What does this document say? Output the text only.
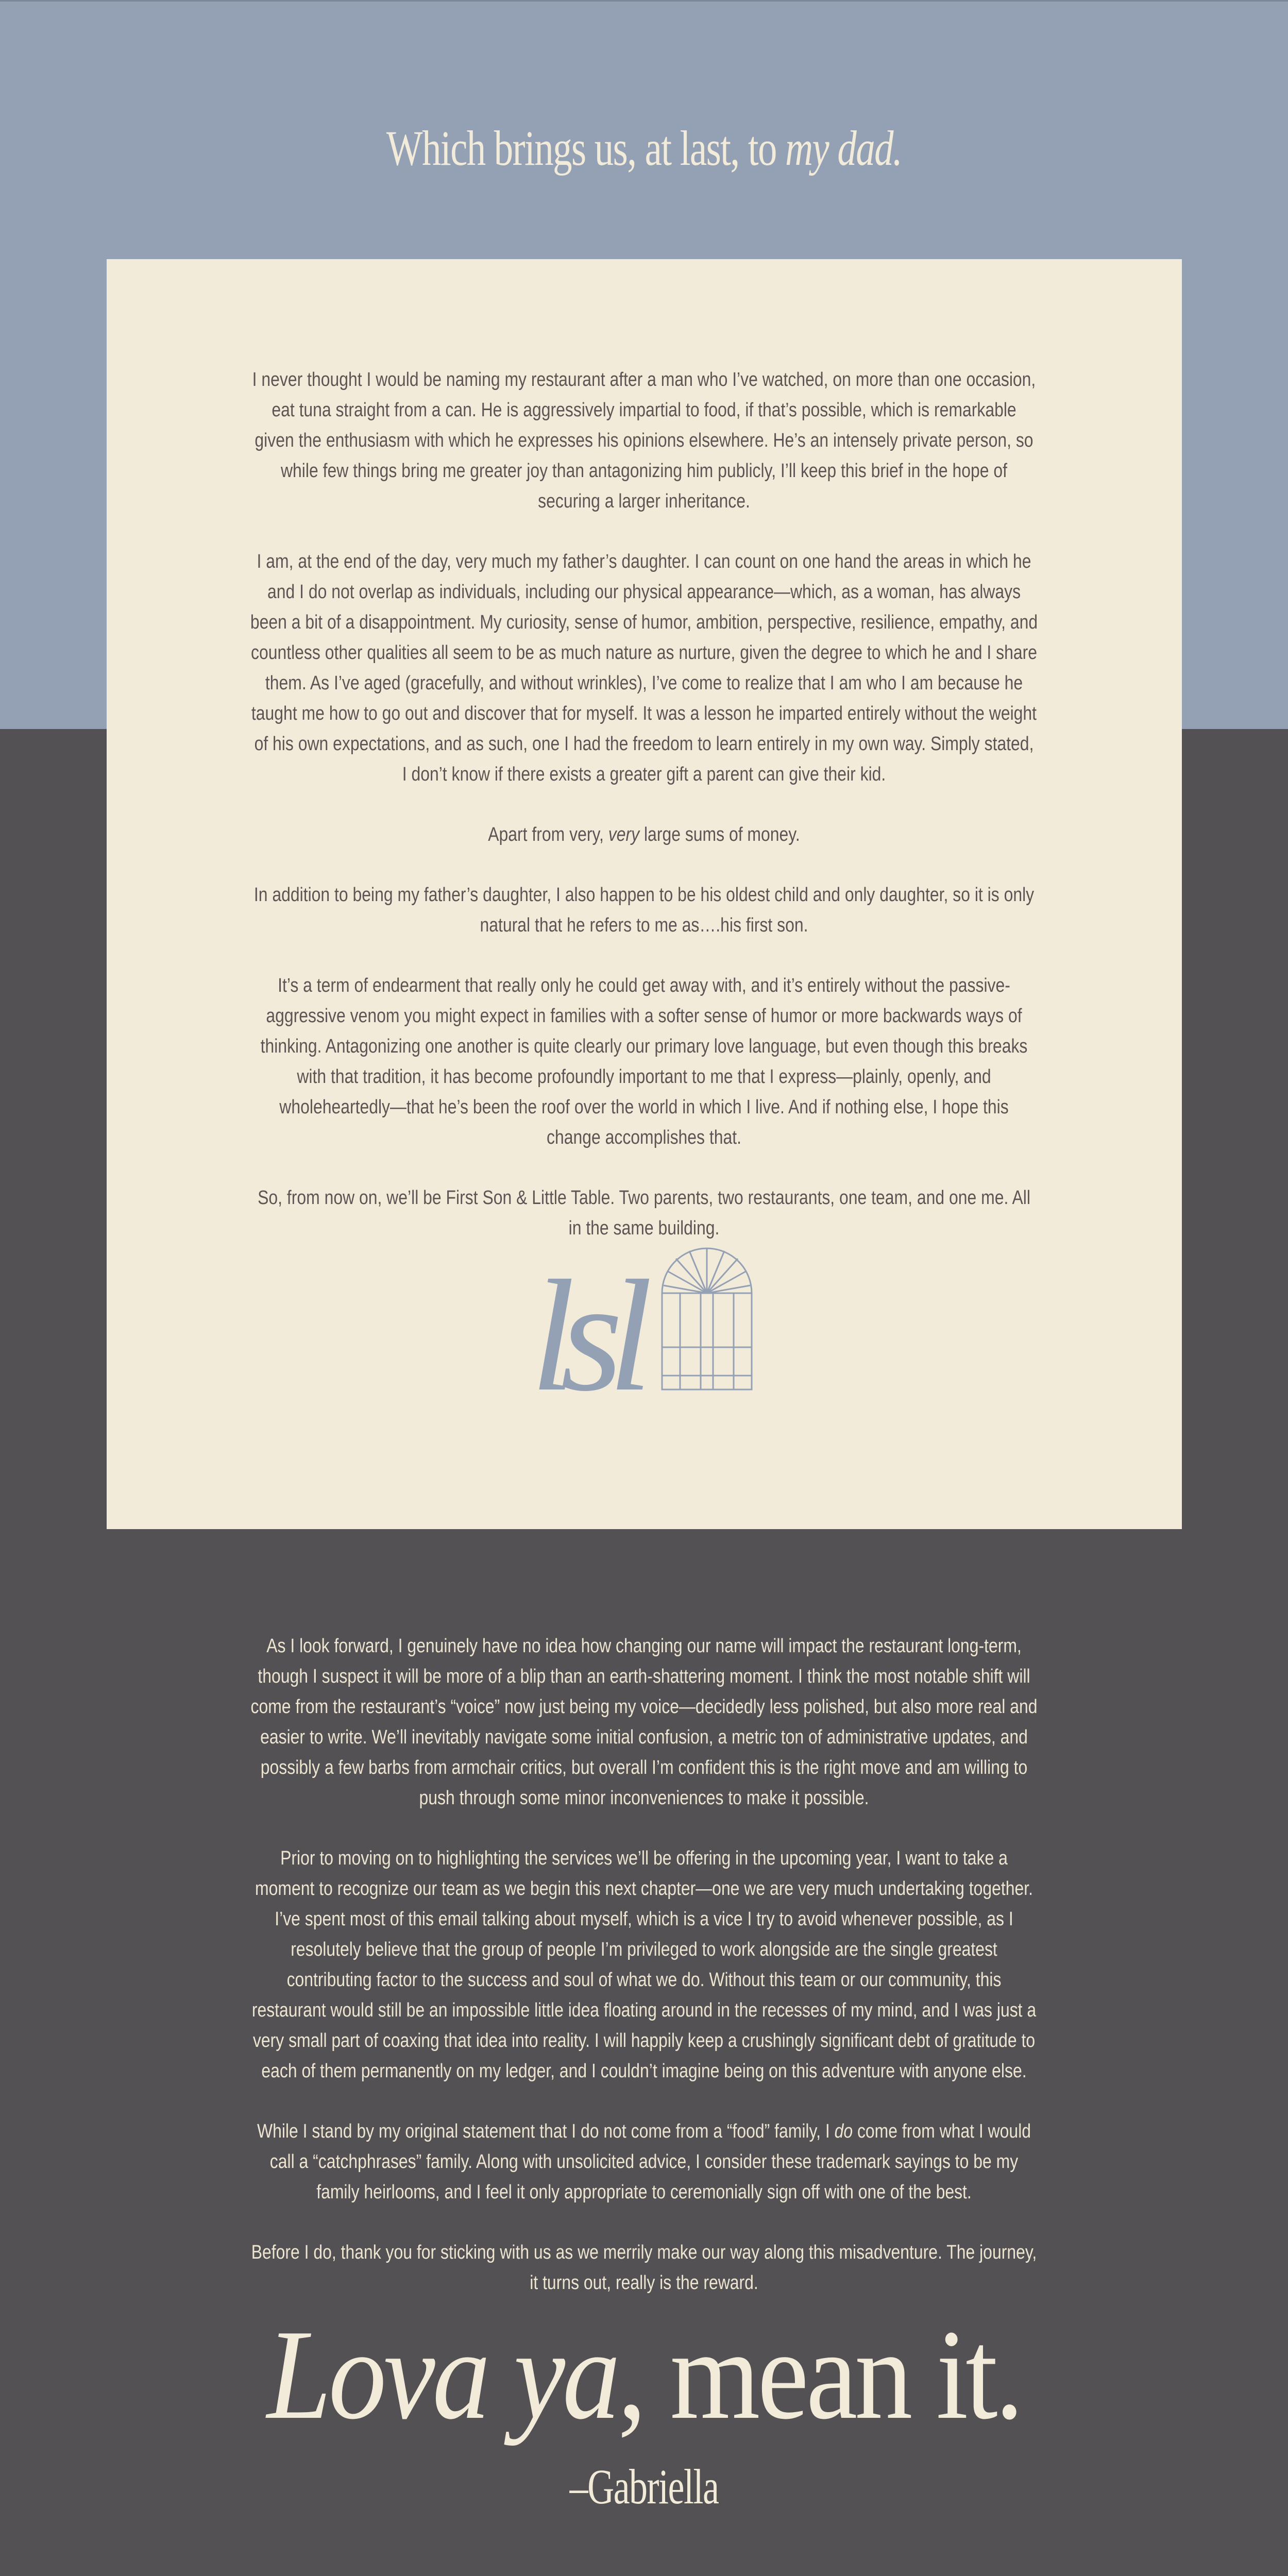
Which brings us, at last, to my dad.

I never thought I would be naming my restaurant after a man who I’ve watched, on more than one occasion, eat tuna straight from a can. He is aggressively impartial to food, if that’s possible, which is remarkable given the enthusiasm with which he expresses his opinions elsewhere. He’s an intensely private person, so while few things bring me greater joy than antagonizing him publicly, I’ll keep this brief in the hope of securing a larger inheritance.

I am, at the end of the day, very much my father’s daughter. I can count on one hand the areas in which he and I do not overlap as individuals, including our physical appearance—which, as a woman, has always been a bit of a disappointment. My curiosity, sense of humor, ambition, perspective, resilience, empathy, and countless other qualities all seem to be as much nature as nurture, given the degree to which he and I share them. As I’ve aged (gracefully, and without wrinkles), I’ve come to realize that I am who I am because he taught me how to go out and discover that for myself. It was a lesson he imparted entirely without the weight of his own expectations, and as such, one I had the freedom to learn entirely in my own way. Simply stated, I don’t know if there exists a greater gift a parent can give their kid.

Apart from very, very large sums of money.

In addition to being my father’s daughter, I also happen to be his oldest child and only daughter, so it is only natural that he refers to me as….his first son.

It’s a term of endearment that really only he could get away with, and it’s entirely without the passive-aggressive venom you might expect in families with a softer sense of humor or more backwards ways of thinking. Antagonizing one another is quite clearly our primary love language, but even though this breaks with that tradition, it has become profoundly important to me that I express—plainly, openly, and wholeheartedly—that he’s been the roof over the world in which I live. And if nothing else, I hope this change accomplishes that.

So, from now on, we’ll be First Son & Little Table. Two parents, two restaurants, one team, and one me. All in the same building.

lsl

As I look forward, I genuinely have no idea how changing our name will impact the restaurant long-term, though I suspect it will be more of a blip than an earth-shattering moment. I think the most notable shift will come from the restaurant’s “voice” now just being my voice—decidedly less polished, but also more real and easier to write. We’ll inevitably navigate some initial confusion, a metric ton of administrative updates, and possibly a few barbs from armchair critics, but overall I’m confident this is the right move and am willing to push through some minor inconveniences to make it possible.

Prior to moving on to highlighting the services we’ll be offering in the upcoming year, I want to take a moment to recognize our team as we begin this next chapter—one we are very much undertaking together. I’ve spent most of this email talking about myself, which is a vice I try to avoid whenever possible, as I resolutely believe that the group of people I’m privileged to work alongside are the single greatest contributing factor to the success and soul of what we do. Without this team or our community, this restaurant would still be an impossible little idea floating around in the recesses of my mind, and I was just a very small part of coaxing that idea into reality. I will happily keep a crushingly significant debt of gratitude to each of them permanently on my ledger, and I couldn’t imagine being on this adventure with anyone else.

While I stand by my original statement that I do not come from a “food” family, I do come from what I would call a “catchphrases” family. Along with unsolicited advice, I consider these trademark sayings to be my family heirlooms, and I feel it only appropriate to ceremonially sign off with one of the best.

Before I do, thank you for sticking with us as we merrily make our way along this misadventure. The journey, it turns out, really is the reward.

Lova ya, mean it.
–Gabriella
